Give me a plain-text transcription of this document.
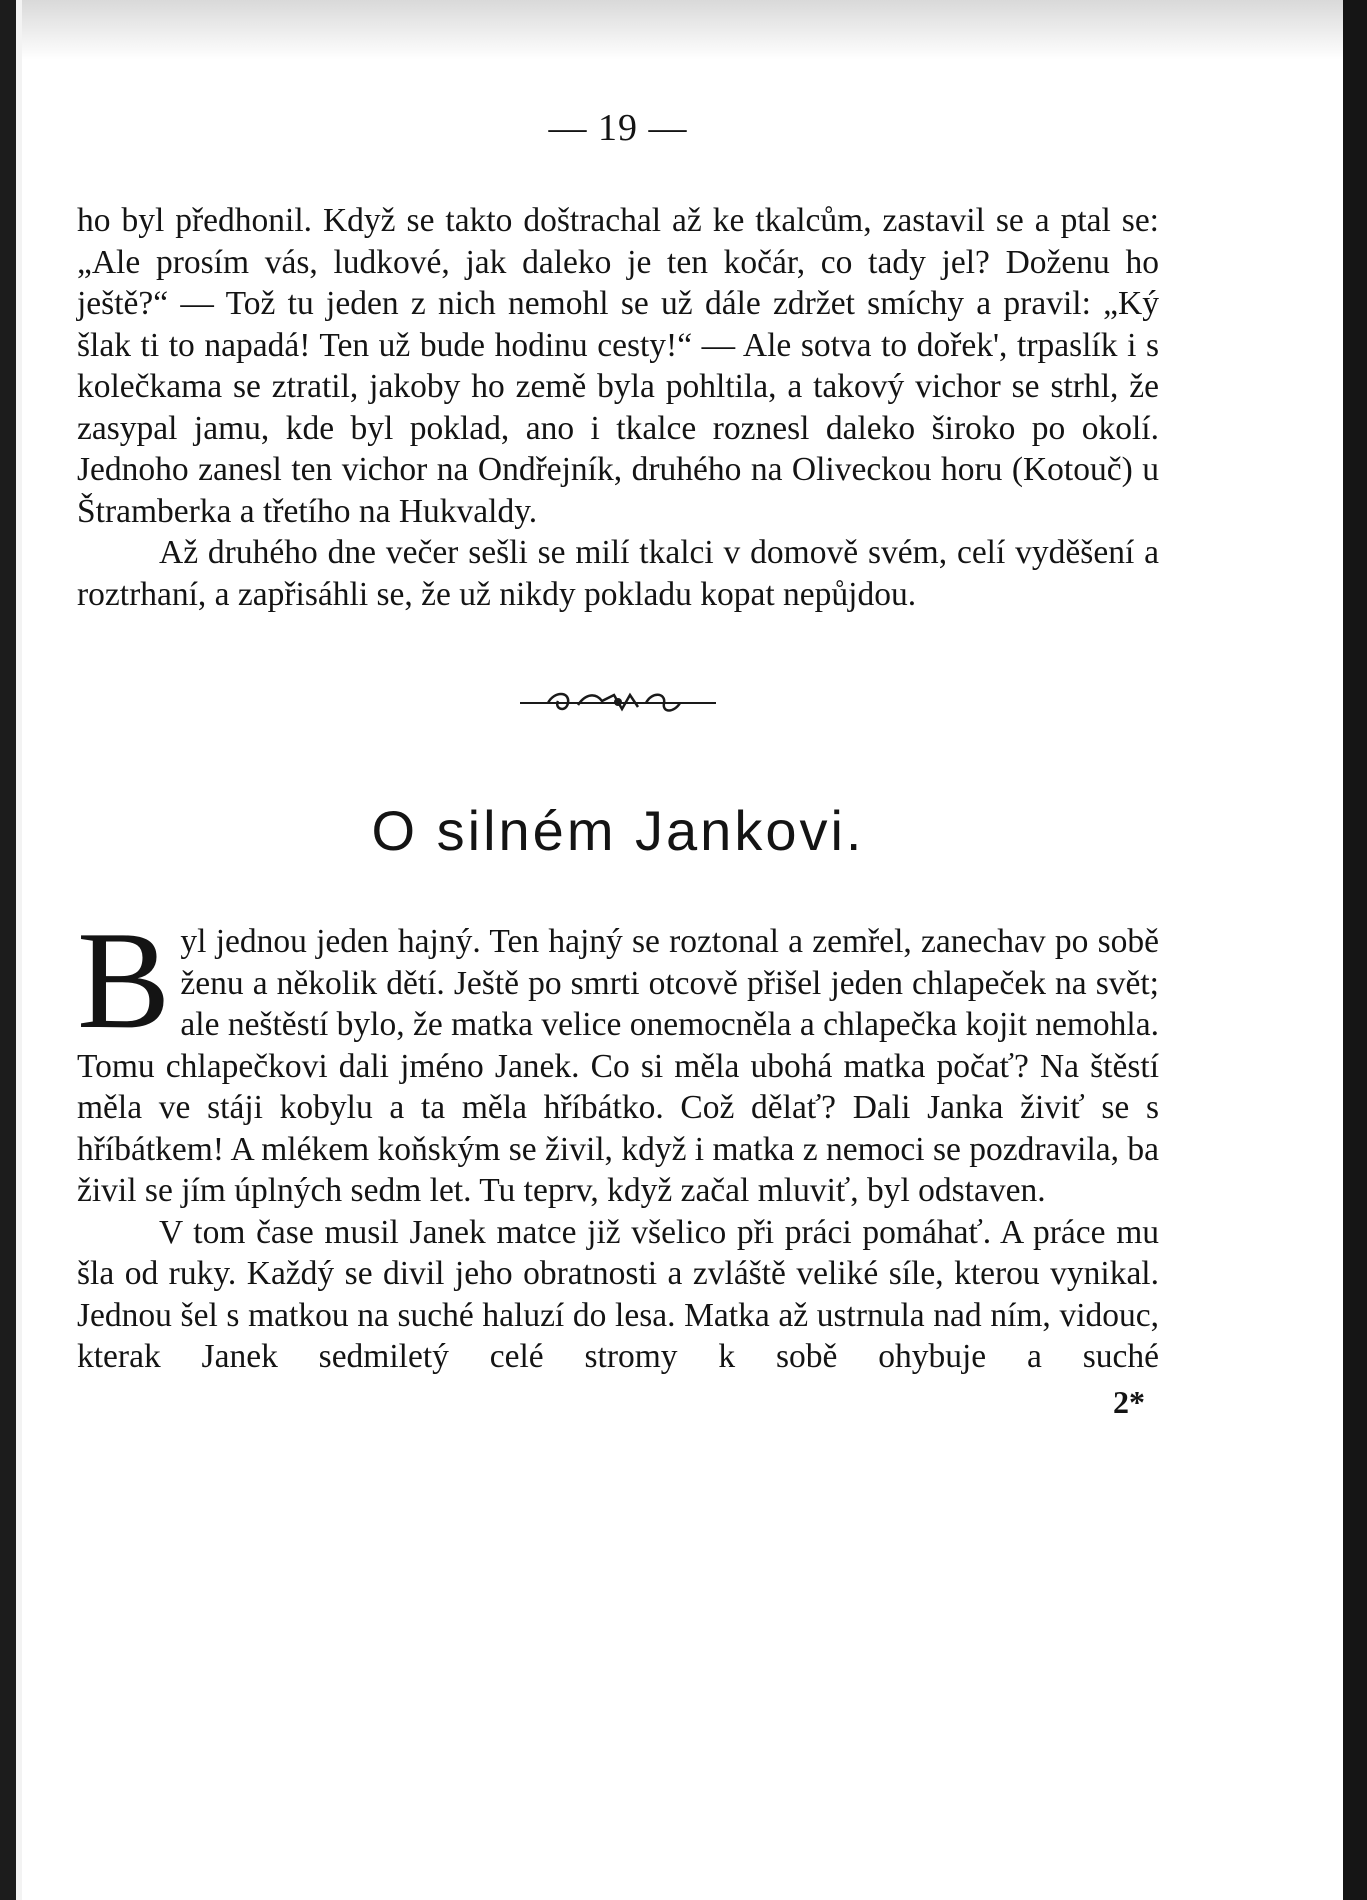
— 19 —

ho byl předhonil. Když se takto doštrachal až ke tkalcům, zastavil se a ptal se: „Ale prosím vás, ludkové, jak daleko je ten kočár, co tady jel? Doženu ho ještě?“ — Tož tu jeden z nich nemohl se už dále zdržet smíchy a pravil: „Ký šlak ti to napadá! Ten už bude hodinu cesty!“ — Ale sotva to dořek', trpaslík i s kolečkama se ztratil, jakoby ho země byla pohltila, a takový vichor se strhl, že zasypal jamu, kde byl poklad, ano i tkalce roznesl daleko široko po okolí. Jednoho zanesl ten vichor na Ondřejník, druhého na Oliveckou horu (Kotouč) u Štramberka a třetího na Hukvaldy.

Až druhého dne večer sešli se milí tkalci v domově svém, celí vyděšení a roztrhaní, a zapřisáhli se, že už nikdy pokladu kopat nepůjdou.

O silném Jankovi.
B yl jednou jeden hajný. Ten hajný se roztonal a zemřel, zanechav po sobě ženu a několik dětí. Ještě po smrti otcově přišel jeden chlapeček na svět; ale neštěstí bylo, že matka velice onemocněla a chlapečka kojit nemohla. Tomu chlapečkovi dali jméno Janek. Co si měla ubohá matka počať? Na štěstí měla ve stáji kobylu a ta měla hříbátko. Což dělať? Dali Janka živiť se s hříbátkem! A mlékem koňským se živil, když i matka z nemoci se pozdravila, ba živil se jím úplných sedm let. Tu teprv, když začal mluviť, byl odstaven.

V tom čase musil Janek matce již všelico při práci pomáhať. A práce mu šla od ruky. Každý se divil jeho obratnosti a zvláště veliké síle, kterou vynikal. Jednou šel s matkou na suché haluzí do lesa. Matka až ustrnula nad ním, vidouc, kterak Janek sedmiletý celé stromy k sobě ohybuje a suché

2*
